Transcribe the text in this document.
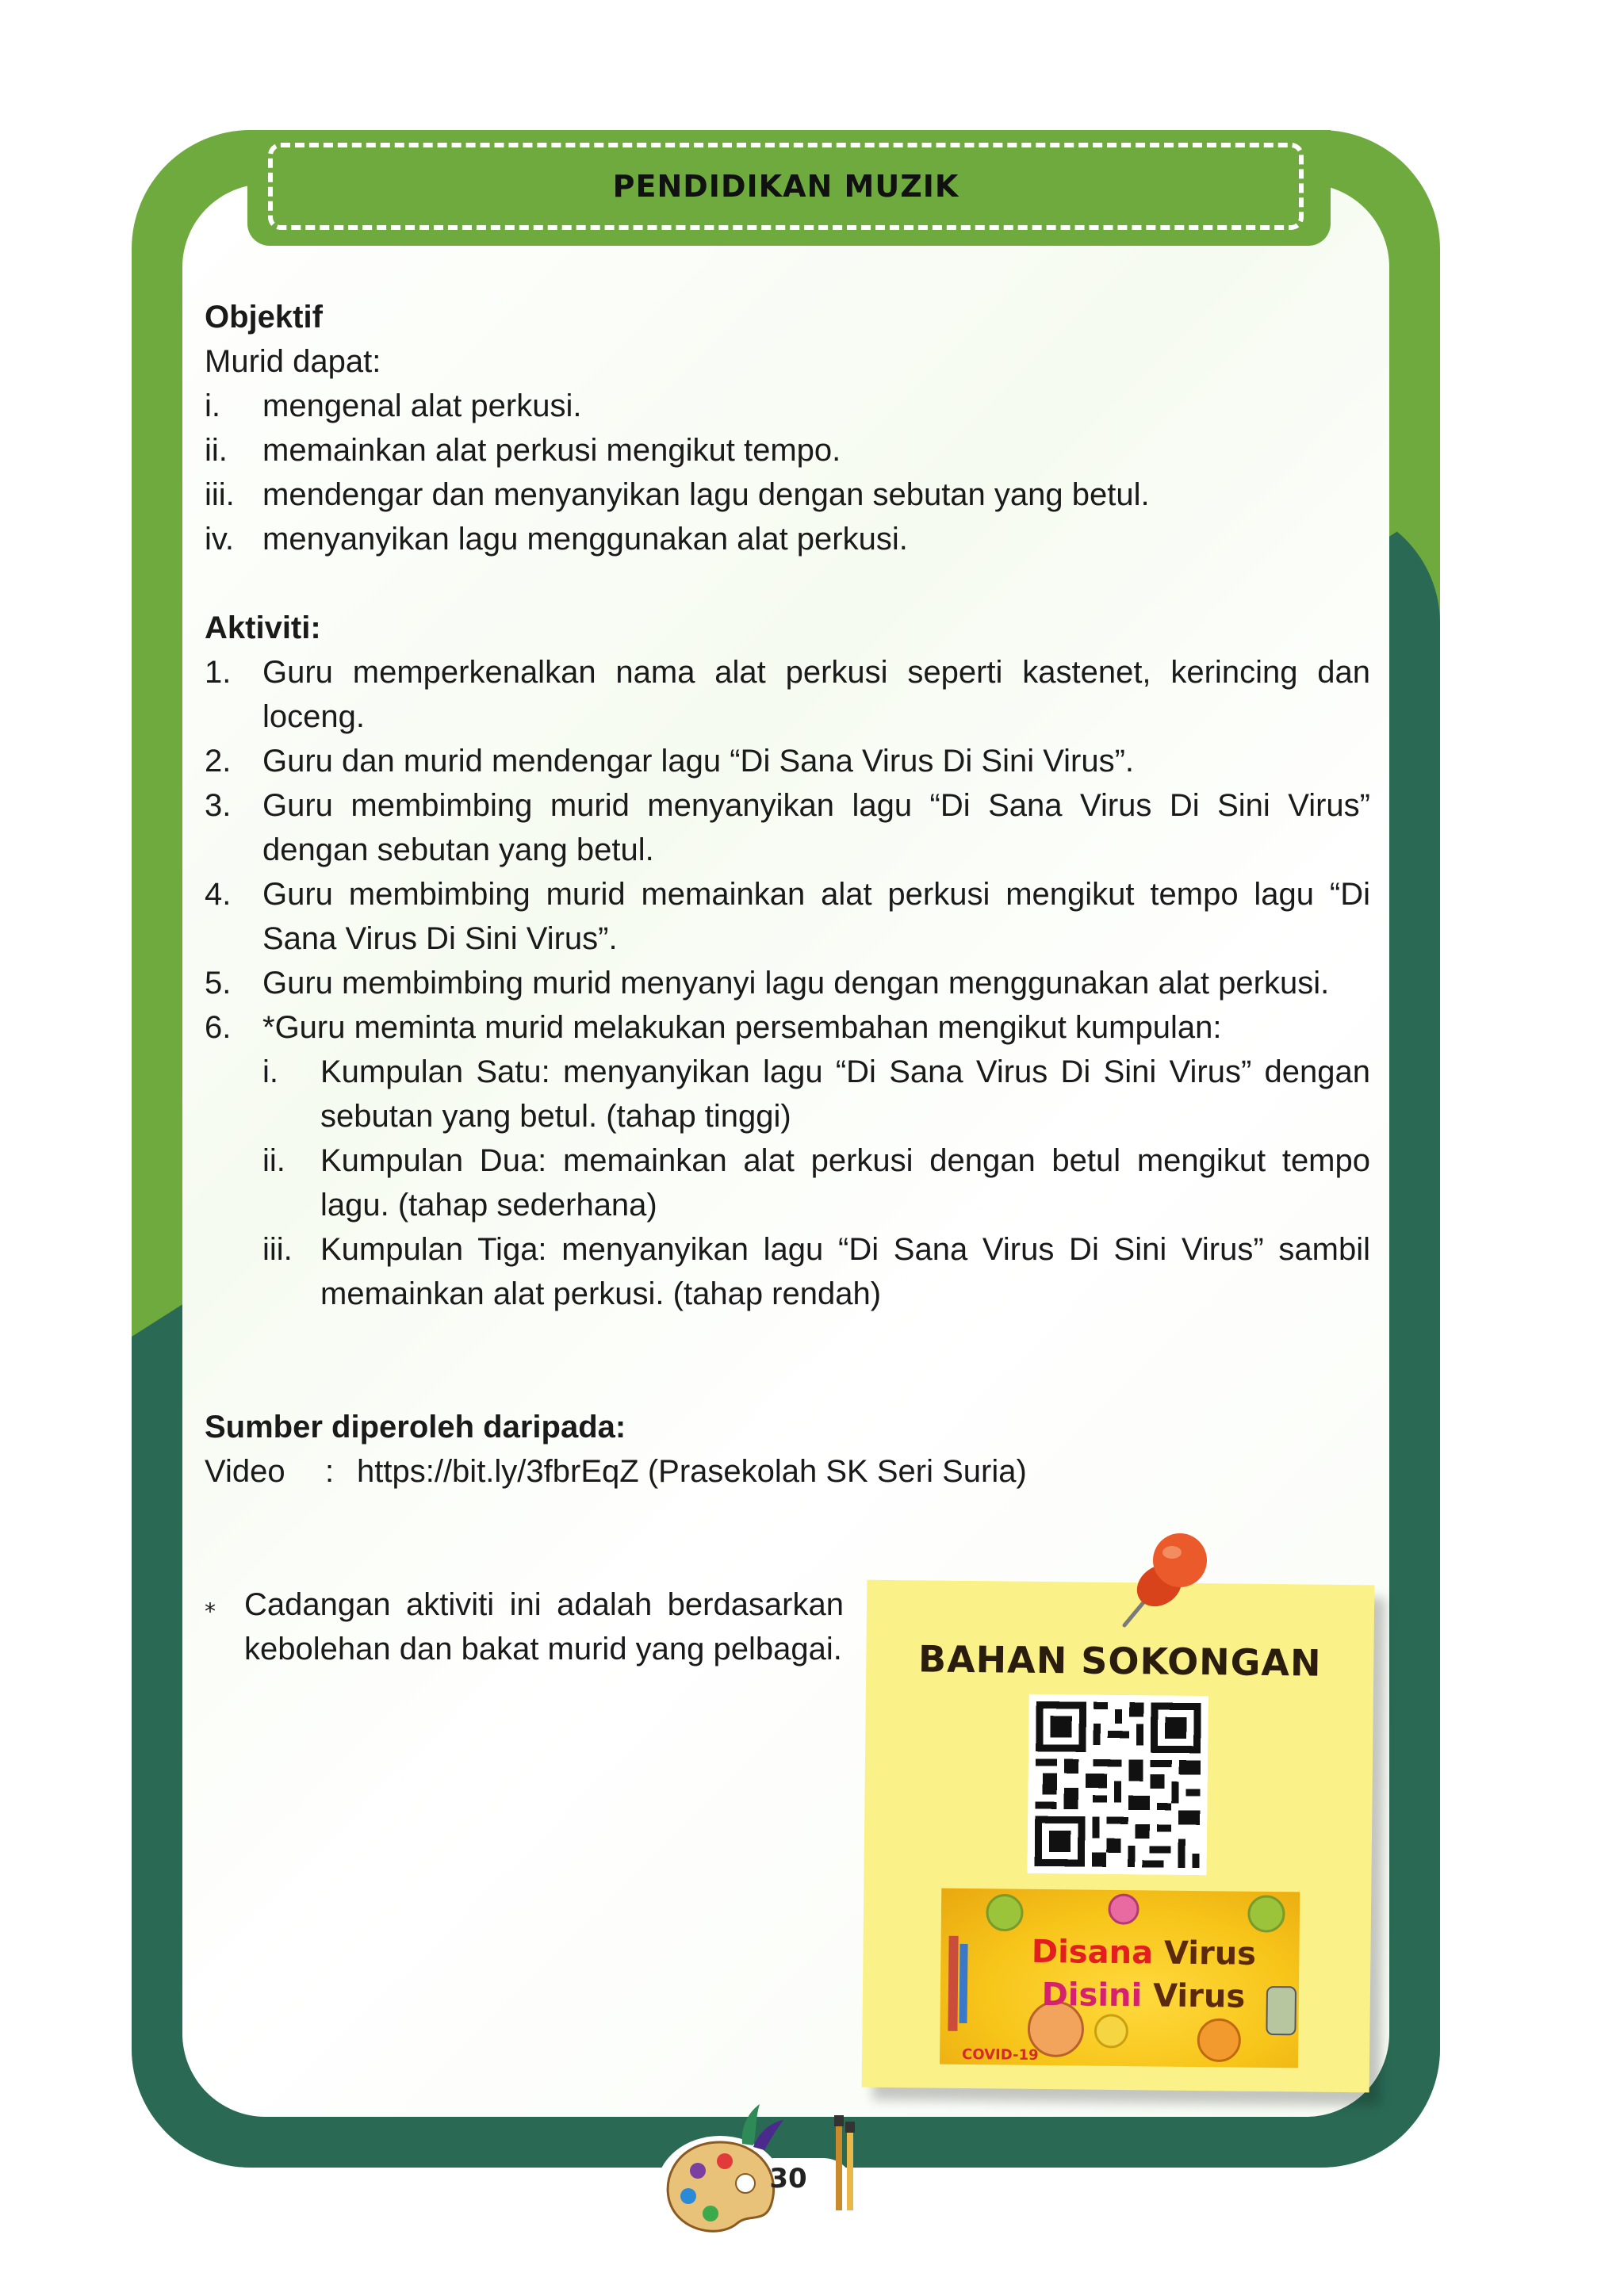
PENDIDIKAN MUZIK
Objektif
Murid dapat:
i.	mengenal alat perkusi.
ii.	memainkan alat perkusi mengikut tempo.
iii. mendengar dan menyanyikan lagu dengan sebutan yang betul.
iv. menyanyikan lagu menggunakan alat perkusi.
Aktiviti:
1. Guru memperkenalkan nama alat perkusi seperti kastenet, kerincing dan loceng.
2. Guru dan murid mendengar lagu “Di Sana Virus Di Sini Virus”.
3. Guru membimbing murid menyanyikan lagu “Di Sana Virus Di Sini Virus” dengan sebutan yang betul.
4. Guru membimbing murid memainkan alat perkusi mengikut tempo lagu “Di Sana Virus Di Sini Virus”.
5. Guru membimbing murid menyanyi lagu dengan menggunakan alat perkusi.
6. *Guru meminta murid melakukan persembahan mengikut kumpulan:
i.	Kumpulan Satu: menyanyikan lagu “Di Sana Virus Di Sini Virus” dengan sebutan yang betul. (tahap tinggi)
ii.	Kumpulan Dua: memainkan alat perkusi dengan betul mengikut tempo lagu. (tahap sederhana)
iii. Kumpulan Tiga: menyanyikan lagu “Di Sana Virus Di Sini Virus” sambil memainkan alat perkusi. (tahap rendah)
Sumber diperoleh daripada:
Video	: https://bit.ly/3fbrEqZ
(Prasekolah SK Seri Suria)
⁎ Cadangan aktiviti ini adalah berdasarkan kebolehan dan bakat murid yang pelbagai.	BAHAN SOKONGAN
Disana Virus
Disini Virus
COVID-19
30
